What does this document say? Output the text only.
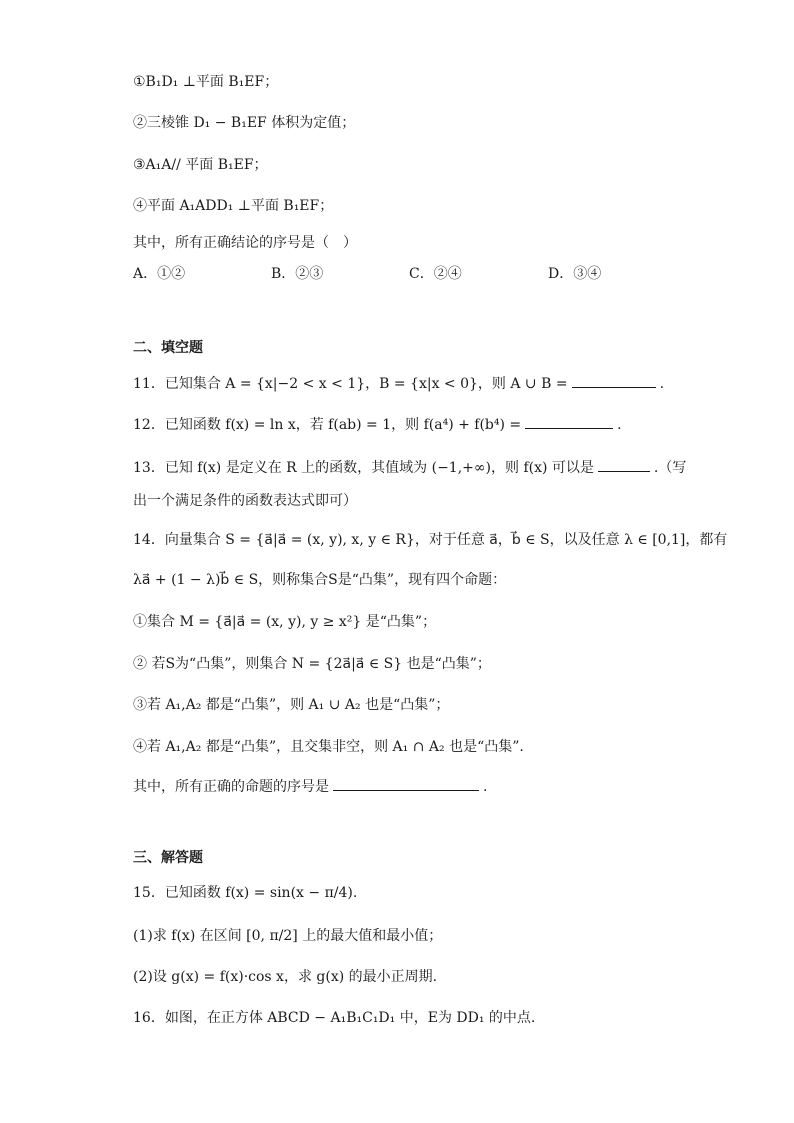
①B₁D₁ ⊥平面 B₁EF；
②三棱锥 D₁ − B₁EF 体积为定值；
③A₁A// 平面 B₁EF；
④平面 A₁ADD₁ ⊥平面 B₁EF；
其中，所有正确结论的序号是（　）
A．①②	B．②③	C．②④	D．③④
二、填空题
11．已知集合 A = {x|−2 < x < 1}，B = {x|x < 0}，则 A ∪ B =	.
12．已知函数 f(x) = ln x，若 f(ab) = 1，则 f(a⁴) + f(b⁴) =	.
13．已知 f(x) 是定义在 R 上的函数，其值域为 (−1,+∞)，则 f(x) 可以是	.（写
出一个满足条件的函数表达式即可）
14．向量集合 S = {a⃗|a⃗ = (x, y), x, y ∈ R}，对于任意 a⃗，b⃗ ∈ S，以及任意 λ ∈ [0,1]，都有
λa⃗ + (1 − λ)b⃗ ∈ S，则称集合S是“凸集”，现有四个命题：
①集合 M = {a⃗|a⃗ = (x, y), y ≥ x²} 是“凸集”；
② 若S为“凸集”，则集合 N = {2a⃗|a⃗ ∈ S} 也是“凸集”；
③若 A₁,A₂ 都是“凸集”，则 A₁ ∪ A₂ 也是“凸集”；
④若 A₁,A₂ 都是“凸集”，且交集非空，则 A₁ ∩ A₂ 也是“凸集”.
其中，所有正确的命题的序号是	.
三、解答题
15．已知函数 f(x) = sin(x − π/4).
(1)求 f(x) 在区间 [0, π/2] 上的最大值和最小值；
(2)设 g(x) = f(x)·cos x，求 g(x) 的最小正周期.
16．如图，在正方体 ABCD − A₁B₁C₁D₁ 中，E为 DD₁ 的中点.
